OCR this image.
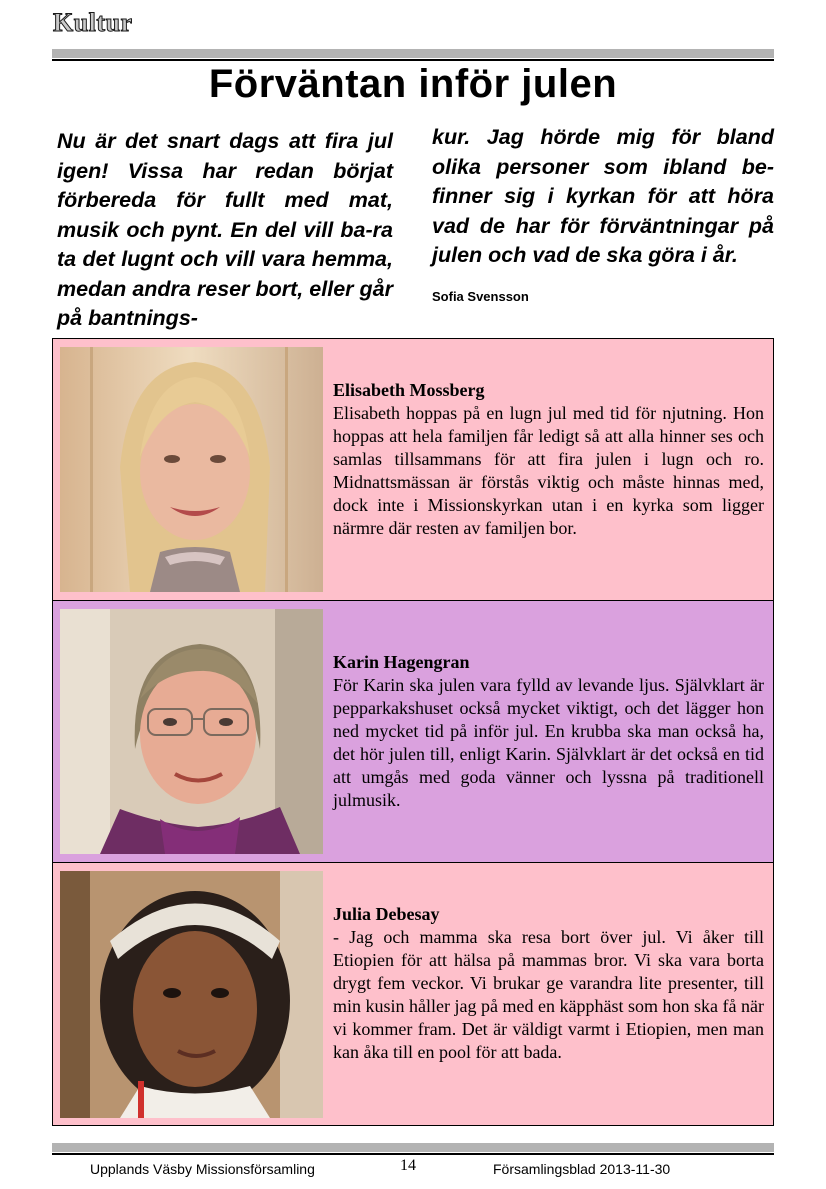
Kultur
Förväntan inför julen
Nu är det snart dags att fira jul igen! Vissa har redan börjat förbereda för fullt med mat, musik och pynt. En del vill ba-ra ta det lugnt och vill vara hemma, medan andra reser bort, eller går på bantnings-
kur. Jag hörde mig för bland olika personer som ibland be-finner sig i kyrkan för att höra vad de har för förväntningar på julen och vad de ska göra i år.
Sofia Svensson
Elisabeth Mossberg
Elisabeth hoppas på en lugn jul med tid för njutning. Hon hoppas att hela familjen får ledigt så att alla hinner ses och samlas tillsammans för att fira julen i lugn och ro. Midnattsmässan är förstås viktig och måste hinnas med, dock inte i Missionskyrkan utan i en kyrka som ligger närmre där resten av familjen bor.
Karin Hagengran
För Karin ska julen vara fylld av levande ljus. Självklart är pepparkakshuset också mycket viktigt, och det lägger hon ned mycket tid på inför jul. En krubba ska man också ha, det hör julen till, enligt Karin. Självklart är det också en tid att umgås med goda vänner och lyssna på traditionell julmusik.
Julia Debesay
- Jag och mamma ska resa bort över jul. Vi åker till Etiopien för att hälsa på mammas bror. Vi ska vara borta drygt fem veckor. Vi brukar ge varandra lite presenter, till min kusin håller jag på med en käpphäst som hon ska få när vi kommer fram. Det är väldigt varmt i Etiopien, men man kan åka till en pool för att bada.
Upplands Väsby Missionsförsamling	14	Församlingsblad 2013-11-30
